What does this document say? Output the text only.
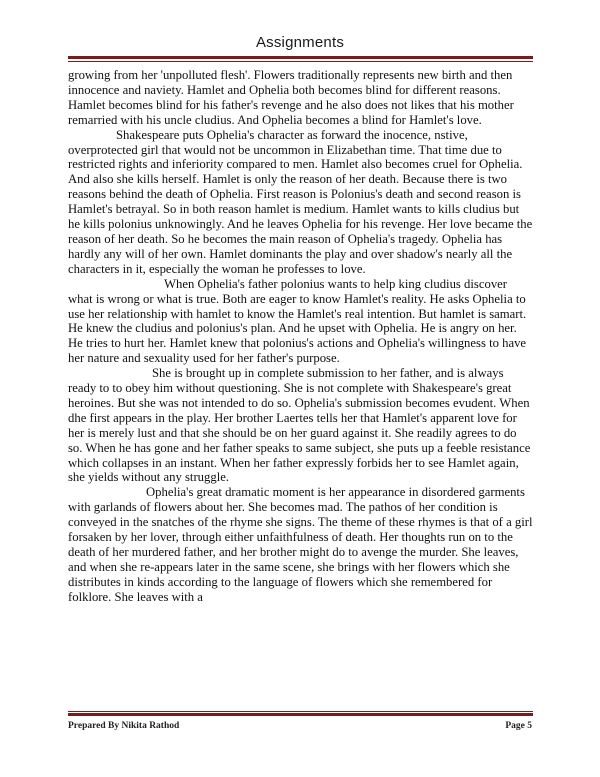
Assignments

growing from her 'unpolluted flesh'. Flowers traditionally represents new birth and then innocence and naviety. Hamlet and Ophelia both becomes blind for different reasons. Hamlet becomes blind for his father's revenge and he also does not likes that his mother remarried with his uncle cludius. And Ophelia becomes a blind for Hamlet's love.

Shakespeare puts Ophelia's character as forward the inocence, nstive, overprotected girl that would not be uncommon in Elizabethan time. That time due to restricted rights and inferiority compared to men. Hamlet also becomes cruel for Ophelia. And also she kills herself. Hamlet is only the reason of her death. Because there is two reasons behind the death of Ophelia. First reason is Polonius's death and second reason is Hamlet's betrayal. So in both reason hamlet is medium. Hamlet wants to kills cludius but he kills polonius unknowingly. And he leaves Ophelia for his revenge. Her love became the reason of her death. So he becomes the main reason of Ophelia's tragedy. Ophelia has hardly any will of her own. Hamlet dominants the play and over shadow's nearly all the characters in it, especially the woman he professes to love.

When Ophelia's father polonius wants to help king cludius discover what is wrong or what is true. Both are eager to know Hamlet's reality. He asks Ophelia to use her relationship with hamlet to know the Hamlet's real intention. But hamlet is samart. He knew the cludius and polonius's plan. And he upset with Ophelia. He is angry on her. He tries to hurt her. Hamlet knew that polonius's actions and Ophelia's willingness to have her nature and sexuality used for her father's purpose.

She is brought up in complete submission to her father, and is always ready to to obey him without questioning. She is not complete with Shakespeare's great heroines. But she was not intended to do so. Ophelia's submission becomes evudent. When dhe first appears in the play. Her brother Laertes tells her that Hamlet's apparent love for her is merely lust and that she should be on her guard against it. She readily agrees to do so. When he has gone and her father speaks to same subject, she puts up a feeble resistance which collapses in an instant. When her father expressly forbids her to see Hamlet again, she yields without any struggle.

Ophelia's great dramatic moment is her appearance in disordered garments with garlands of flowers about her. She becomes mad. The pathos of her condition is conveyed in the snatches of the rhyme she signs. The theme of these rhymes is that of a girl forsaken by her lover, through either unfaithfulness of death. Her thoughts run on to the death of her murdered father, and her brother might do to avenge the murder. She leaves, and when she re-appears later in the same scene, she brings with her flowers which she distributes in kinds according to the language of flowers which she remembered for folklore. She leaves with a

Prepared By Nikita Rathod	Page 5
